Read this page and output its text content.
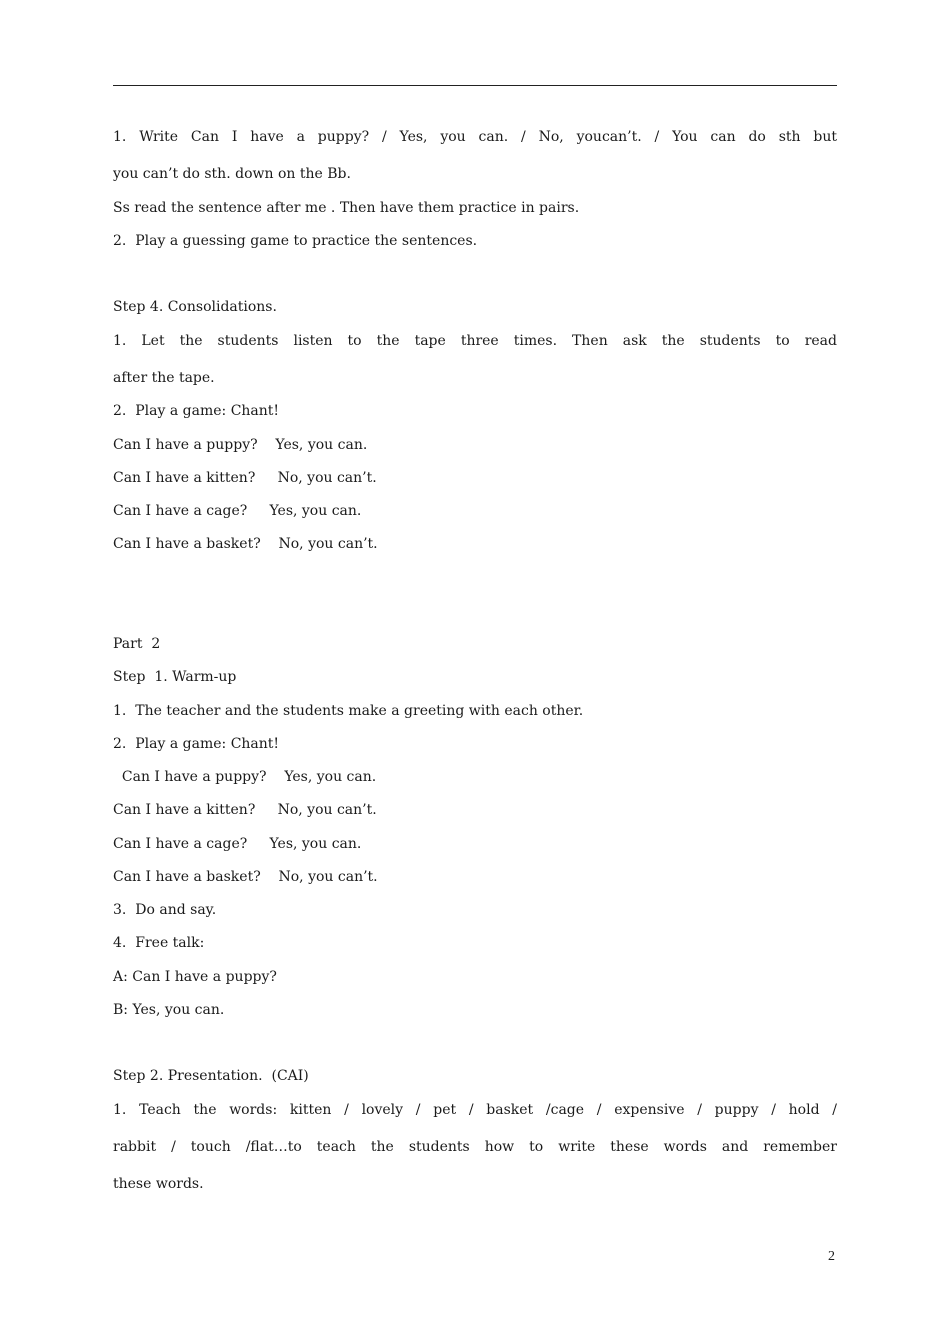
1. Write Can I have a puppy? / Yes, you can. / No, youcan’t. / You can do sth but
you can’t do sth. down on the Bb.
Ss read the sentence after me . Then have them practice in pairs.
2.  Play a guessing game to practice the sentences.
Step 4. Consolidations.
1. Let the students listen to the tape three times. Then ask the students to read
after the tape.
2.  Play a game: Chant!
Can I have a puppy?    Yes, you can.
Can I have a kitten?     No, you can’t.
Can I have a cage?     Yes, you can.
Can I have a basket?    No, you can’t.
Part  2
Step  1. Warm-up
1.  The teacher and the students make a greeting with each other.
2.  Play a game: Chant!
Can I have a puppy?    Yes, you can.
Can I have a kitten?     No, you can’t.
Can I have a cage?     Yes, you can.
Can I have a basket?    No, you can’t.
3.  Do and say.
4.  Free talk:
A: Can I have a puppy?
B: Yes, you can.
Step 2. Presentation.  (CAI)
1. Teach the words: kitten / lovely / pet / basket /cage / expensive / puppy / hold /
rabbit / touch /flat…to teach the students how to write these words and remember
these words.
2
